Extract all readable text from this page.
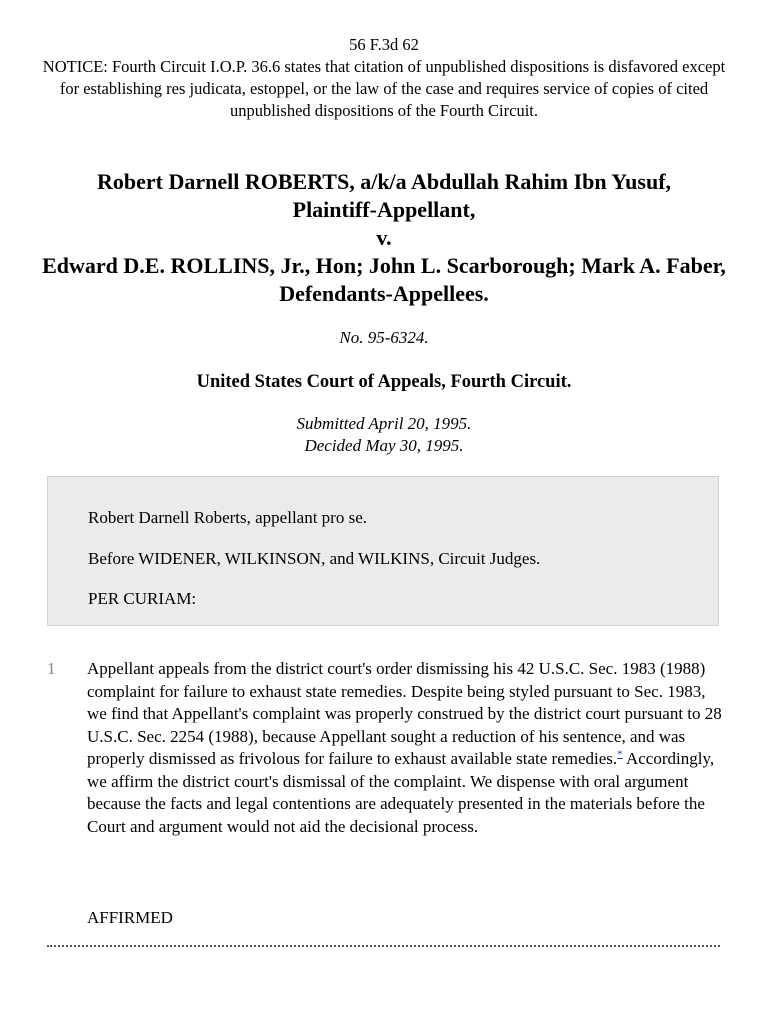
56 F.3d 62
NOTICE: Fourth Circuit I.O.P. 36.6 states that citation of unpublished dispositions is disfavored except for establishing res judicata, estoppel, or the law of the case and requires service of copies of cited unpublished dispositions of the Fourth Circuit.
Robert Darnell ROBERTS, a/k/a Abdullah Rahim Ibn Yusuf,
Plaintiff-Appellant,
v.
Edward D.E. ROLLINS, Jr., Hon; John L. Scarborough; Mark A. Faber, Defendants-Appellees.
No. 95-6324.
United States Court of Appeals, Fourth Circuit.
Submitted April 20, 1995.
Decided May 30, 1995.

Robert Darnell Roberts, appellant pro se.

Before WIDENER, WILKINSON, and WILKINS, Circuit Judges.

PER CURIAM:

1 Appellant appeals from the district court's order dismissing his 42 U.S.C. Sec. 1983 (1988) complaint for failure to exhaust state remedies. Despite being styled pursuant to Sec. 1983, we find that Appellant's complaint was properly construed by the district court pursuant to 28 U.S.C. Sec. 2254 (1988), because Appellant sought a reduction of his sentence, and was properly dismissed as frivolous for failure to exhaust available state remedies.* Accordingly, we affirm the district court's dismissal of the complaint. We dispense with oral argument because the facts and legal contentions are adequately presented in the materials before the Court and argument would not aid the decisional process.
AFFIRMED
